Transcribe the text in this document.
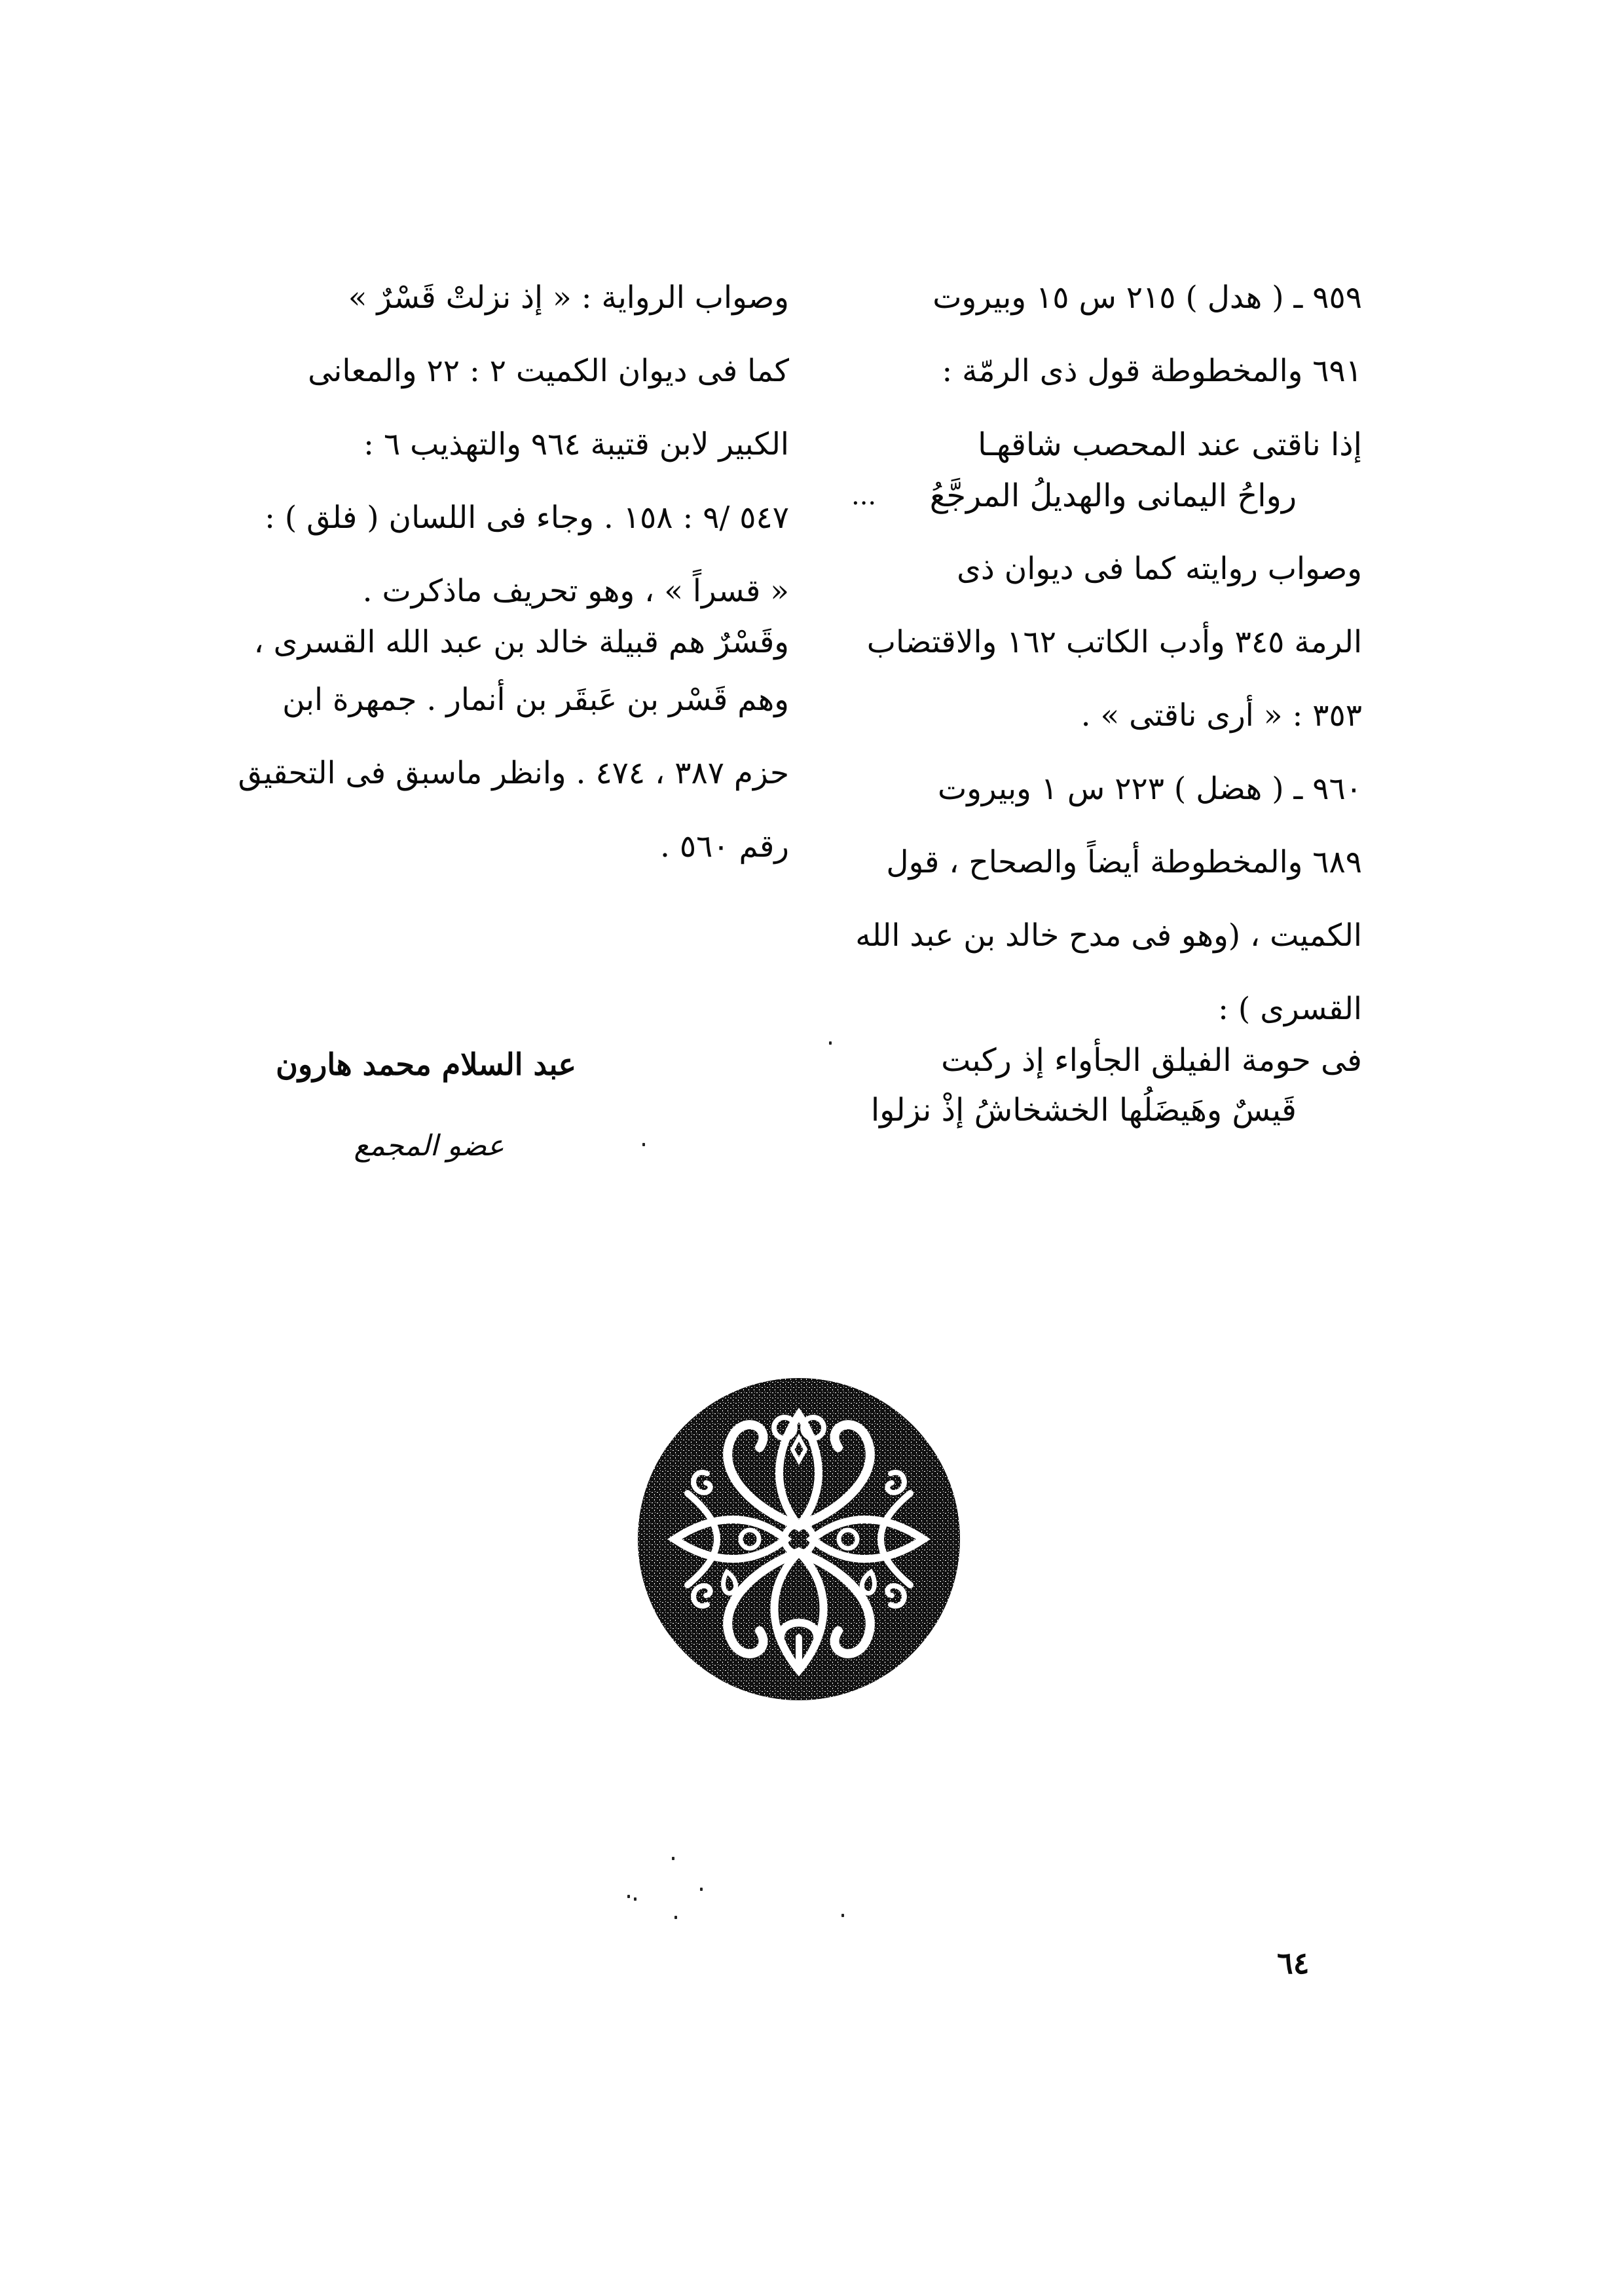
٩٥٩ ـ ( هدل ) ٢١٥ س ١٥ وبيروت
٦٩١ والمخطوطة قول ذى الرمّة :
إذا ناقتى عند المحصب شاقهـا
رواحُ اليمانى والهديلُ المرجَّعُ
...
وصواب روايته كما فى ديوان ذى
الرمة ٣٤٥ وأدب الكاتب ١٦٢ والاقتضاب
٣٥٣ : « أرى ناقتى » .
٩٦٠ ـ ( هضل ) ٢٢٣ س ١ وبيروت
٦٨٩ والمخطوطة أيضاً والصحاح ، قول
الكميت ، (وهو فى مدح خالد بن عبد الله
القسرى ) :
فى حومة الفيلق الجأواء إذ ركبت
قَيسٌ وهَيضَلُها الخشخاشُ إذْ نزلوا
وصواب الرواية : « إذ نزلتْ قَسْرٌ »
كما فى ديوان الكميت ٢ : ٢٢ والمعانى
الكبير لابن قتيبة ٩٦٤ والتهذيب ٦ :
٥٤٧ /٩ : ١٥٨ . وجاء فى اللسان ( فلق ) :
« قسراً » ، وهو تحريف ماذكرت .
وقَسْرٌ هم قبيلة خالد بن عبد الله القسرى ،
وهم قَسْر بن عَبقَر بن أنمار . جمهرة ابن
حزم ٣٨٧ ، ٤٧٤ . وانظر ماسبق فى التحقيق
رقم ٥٦٠ .
عبد السلام محمد هارون
عضو المجمع
٦٤
